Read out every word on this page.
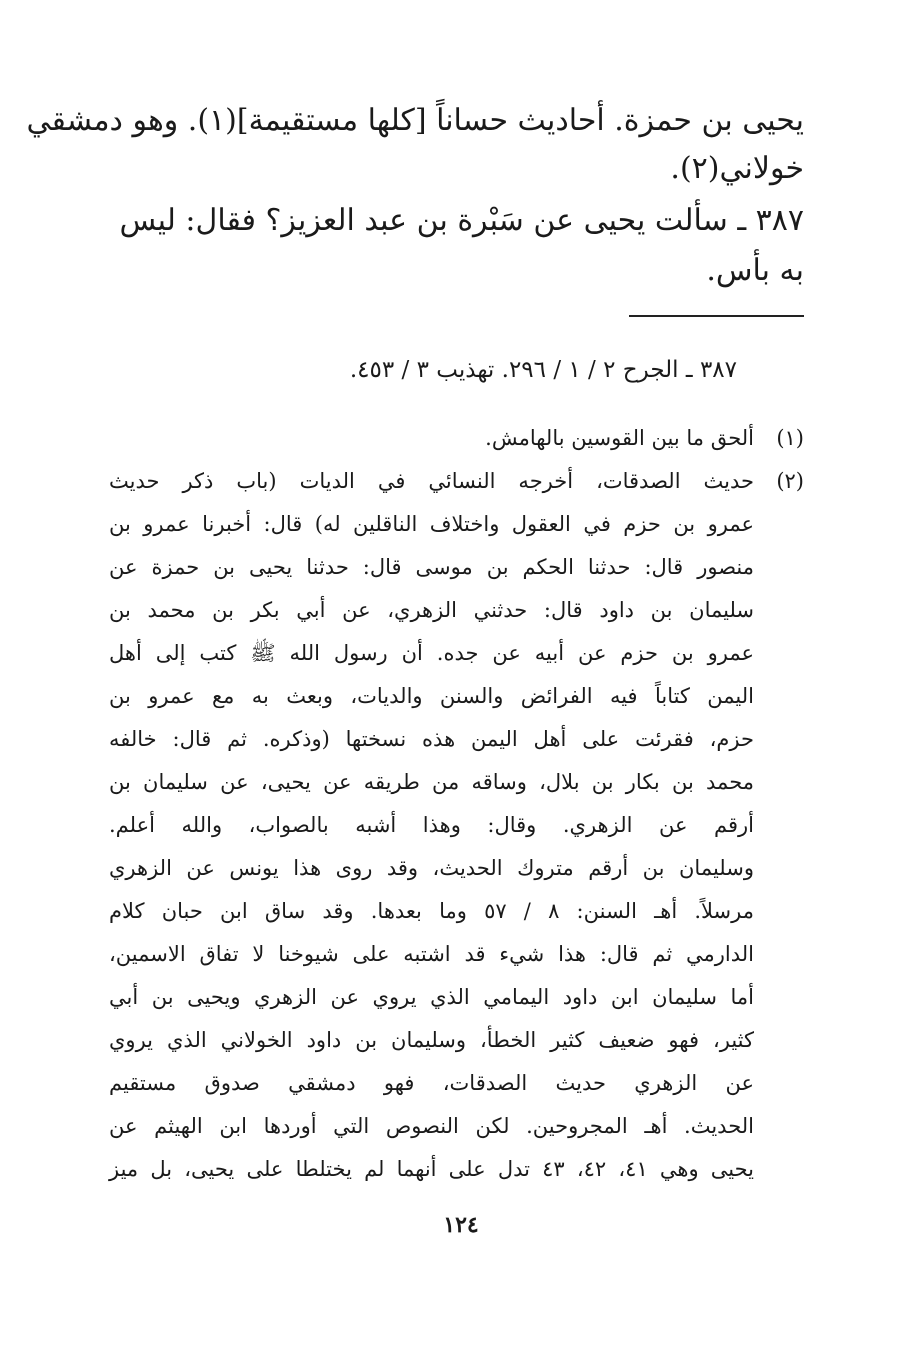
يحيى بن حمزة. أحاديث حساناً [كلها مستقيمة](١). وهو دمشقي
خولاني(٢).
٣٨٧ ـ سألت يحيى عن سَبْرة بن عبد العزيز؟ فقال: ليس
به بأس.
٣٨٧ ـ الجرح ٢ / ١ / ٢٩٦. تهذيب ٣ / ٤٥٣.
(١)
ألحق ما بين القوسين بالهامش.
(٢)
حديث الصدقات، أخرجه النسائي في الديات (باب ذكر حديث
عمرو بن حزم في العقول واختلاف الناقلين له) قال: أخبرنا عمرو بن
منصور قال: حدثنا الحكم بن موسى قال: حدثنا يحيى بن حمزة عن
سليمان بن داود قال: حدثني الزهري، عن أبي بكر بن محمد بن
عمرو بن حزم عن أبيه عن جده. أن رسول الله ﷺ كتب إلى أهل
اليمن كتاباً فيه الفرائض والسنن والديات، وبعث به مع عمرو بن
حزم، فقرئت على أهل اليمن هذه نسختها (وذكره. ثم قال: خالفه
محمد بن بكار بن بلال، وساقه من طريقه عن يحيى، عن سليمان بن
أرقم عن الزهري. وقال: وهذا أشبه بالصواب، والله أعلم.
وسليمان بن أرقم متروك الحديث، وقد روى هذا يونس عن الزهري
مرسلاً. أهـ السنن: ٨ / ٥٧ وما بعدها. وقد ساق ابن حبان كلام
الدارمي ثم قال: هذا شيء قد اشتبه على شيوخنا لا تفاق الاسمين،
أما سليمان ابن داود اليمامي الذي يروي عن الزهري ويحيى بن أبي
كثير، فهو ضعيف كثير الخطأ، وسليمان بن داود الخولاني الذي يروي
عن الزهري حديث الصدقات، فهو دمشقي صدوق مستقيم
الحديث. أهـ المجروحين. لكن النصوص التي أوردها ابن الهيثم عن
يحيى وهي ٤١، ٤٢، ٤٣ تدل على أنهما لم يختلطا على يحيى، بل ميز
١٢٤
